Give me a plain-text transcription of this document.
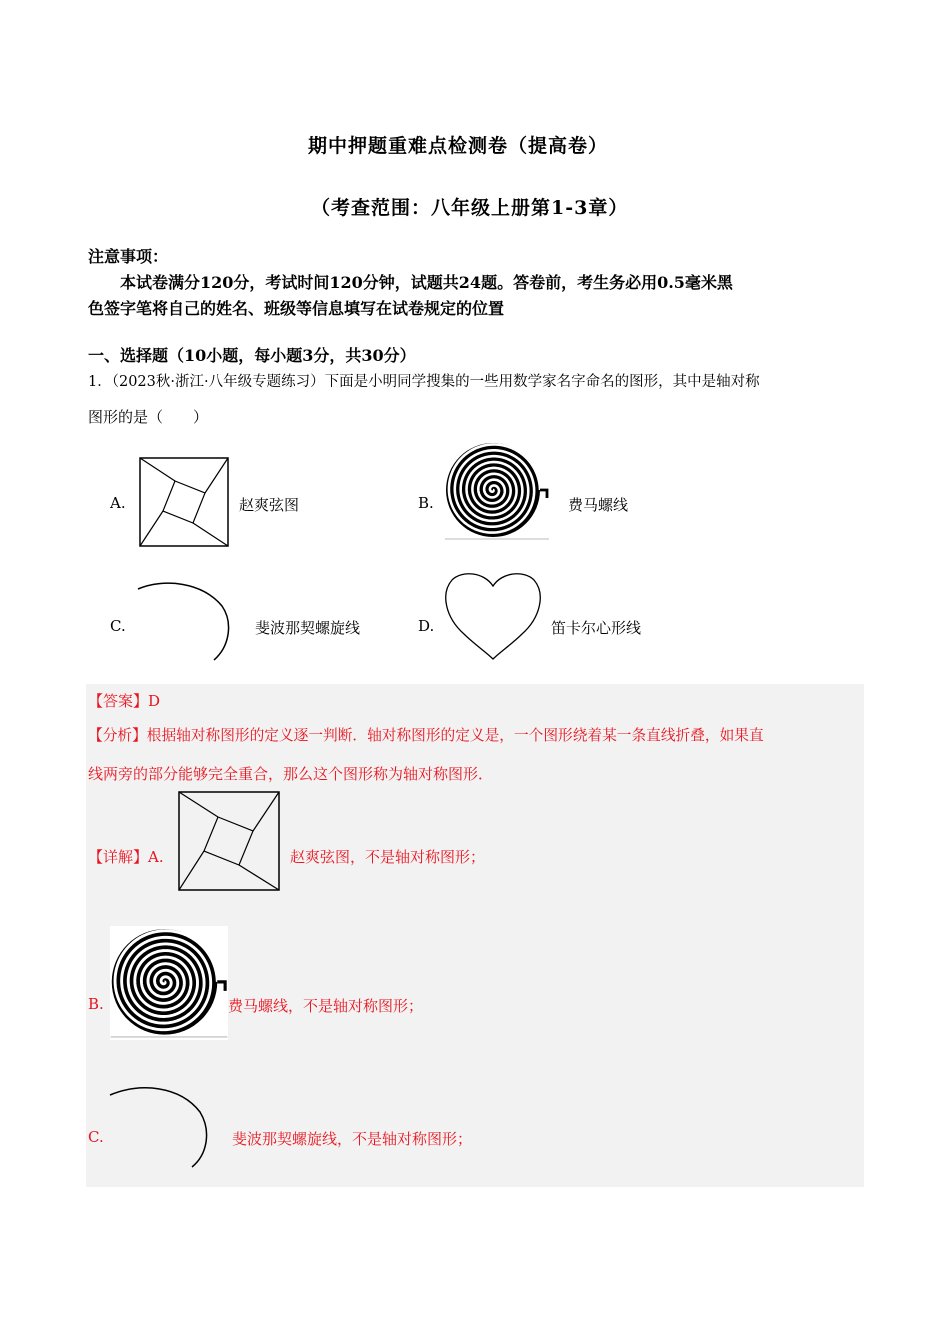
期中押题重难点检测卷（提高卷）
（考查范围：八年级上册第1-3章）
注意事项：
本试卷满分120分，考试时间120分钟，试题共24题。答卷前，考生务必用0.5毫米黑
色签字笔将自己的姓名、班级等信息填写在试卷规定的位置
一、选择题（10小题，每小题3分，共30分）
1．（2023秋·浙江·八年级专题练习）下面是小明同学搜集的一些用数学家名字命名的图形，其中是轴对称
图形的是（　　）
A.	赵爽弦图	B.	费马螺线
C.	斐波那契螺旋线	D.	笛卡尔心形线
【答案】D
【分析】根据轴对称图形的定义逐一判断．轴对称图形的定义是，一个图形绕着某一条直线折叠，如果直
线两旁的部分能够完全重合，那么这个图形称为轴对称图形．
【详解】A.	赵爽弦图，不是轴对称图形；
B.	费马螺线，不是轴对称图形；
C.	斐波那契螺旋线，不是轴对称图形；
